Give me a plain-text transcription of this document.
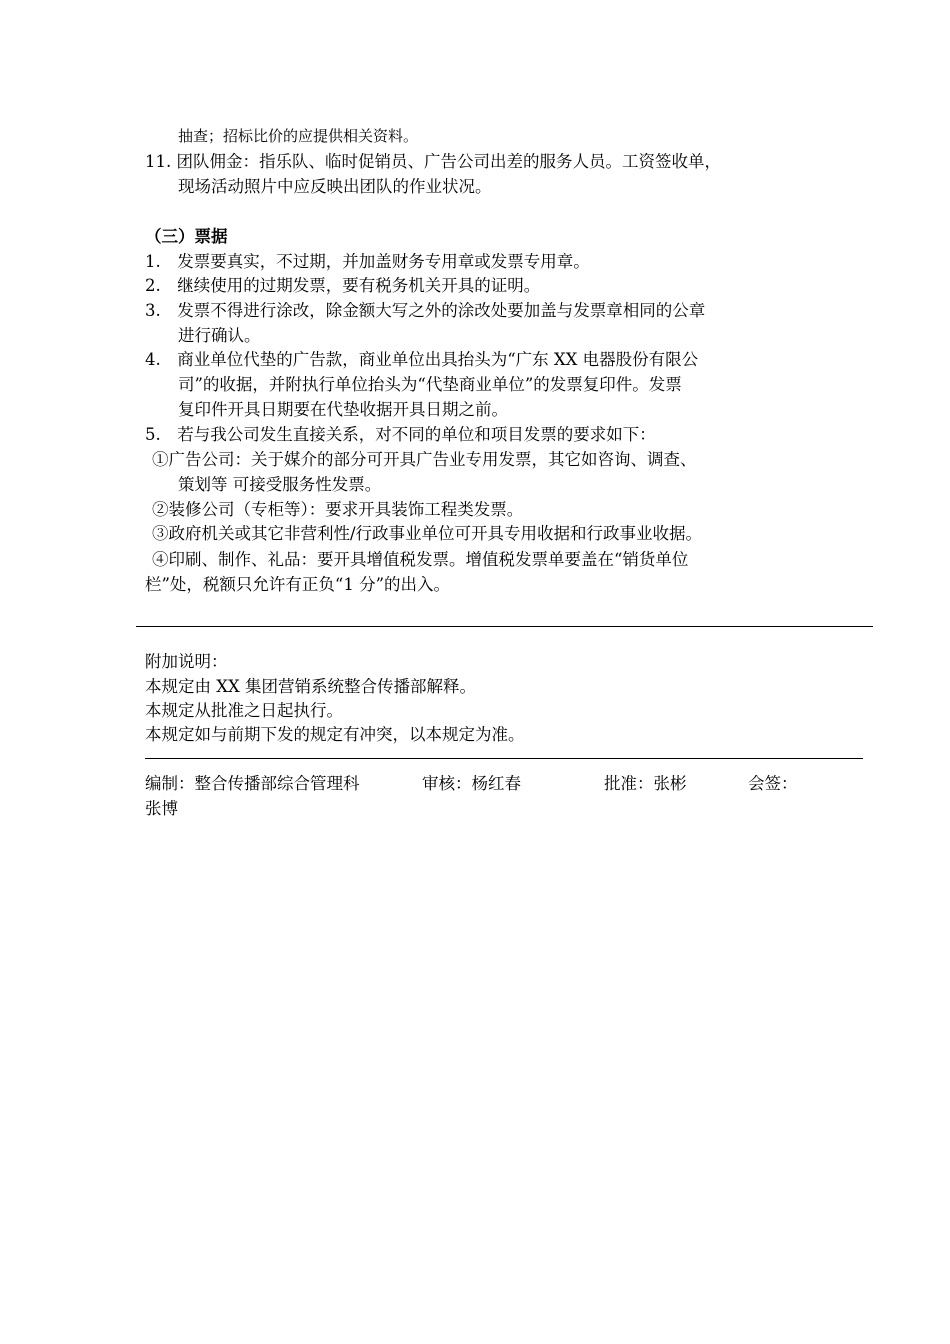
抽查；招标比价的应提供相关资料。
11. 团队佣金：指乐队、临时促销员、广告公司出差的服务人员。工资签收单，
现场活动照片中应反映出团队的作业状况。
（三）票据
1.　发票要真实，不过期，并加盖财务专用章或发票专用章。
2.　继续使用的过期发票，要有税务机关开具的证明。
3.　发票不得进行涂改，除金额大写之外的涂改处要加盖与发票章相同的公章
进行确认。
4.　商业单位代垫的广告款，商业单位出具抬头为“广东 XX 电器股份有限公
司”的收据，并附执行单位抬头为“代垫商业单位”的发票复印件。发票
复印件开具日期要在代垫收据开具日期之前。
5.　若与我公司发生直接关系，对不同的单位和项目发票的要求如下：
①广告公司：关于媒介的部分可开具广告业专用发票，其它如咨询、调查、
策划等 可接受服务性发票。
②装修公司（专柜等）：要求开具装饰工程类发票。
③政府机关或其它非营利性/行政事业单位可开具专用收据和行政事业收据。
④印刷、制作、礼品：要开具增值税发票。增值税发票单要盖在“销货单位
栏”处，税额只允许有正负“1 分”的出入。
附加说明：
本规定由 XX 集团营销系统整合传播部解释。
本规定从批准之日起执行。
本规定如与前期下发的规定有冲突，以本规定为准。
编制：整合传播部综合管理科	审核：杨红春	批准：张彬	会签：
张博
